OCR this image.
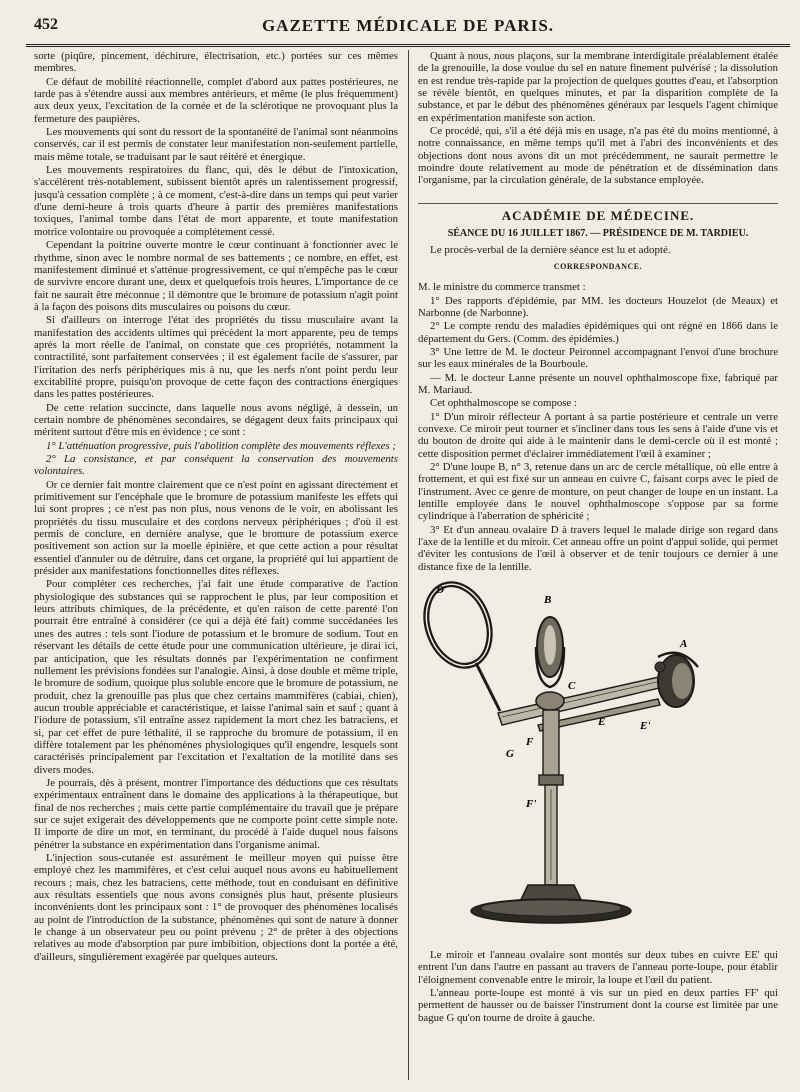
452	GAZETTE MÉDICALE DE PARIS.

sorte (piqûre, pincement, déchirure, électrisation, etc.) portées sur ces mêmes membres.

Ce défaut de mobilité réactionnelle, complet d'abord aux pattes postérieures, ne tarde pas à s'étendre aussi aux membres antérieurs, et même (le plus fréquemment) aux deux yeux, l'excitation de la cornée et de la sclérotique ne provoquant plus la fermeture des paupières.

Les mouvements qui sont du ressort de la spontanéité de l'animal sont néanmoins conservés, car il est permis de constater leur manifestation non-seulement partielle, mais même totale, se traduisant par le saut réitéré et énergique.

Les mouvements respiratoires du flanc, qui, dès le début de l'intoxication, s'accélèrent très-notablement, subissent bientôt après un ralentissement progressif, jusqu'à cessation complète ; à ce moment, c'est-à-dire dans un temps qui peut varier d'une demi-heure à trois quarts d'heure à partir des premières manifestations toxiques, l'animal tombe dans l'état de mort apparente, et toute manifestation motrice volontaire ou provoquée a complétement cessé.

Cependant la poitrine ouverte montre le cœur continuant à fonctionner avec le rhythme, sinon avec le nombre normal de ses battements ; ce nombre, en effet, est manifestement diminué et s'atténue progressivement, ce qui n'empêche pas le cœur de survivre encore durant une, deux et quelquefois trois heures. L'importance de ce fait ne saurait être méconnue ; il démontre que le bromure de potassium n'agit point à la façon des poisons dits musculaires ou poisons du cœur.

Si d'ailleurs on interroge l'état des propriétés du tissu musculaire avant la manifestation des accidents ultimes qui précèdent la mort apparente, peu de temps après la mort réelle de l'animal, on constate que ces propriétés, notamment la contractilité, sont parfaitement conservées ; il est également facile de s'assurer, par l'irritation des nerfs périphériques mis à nu, que les nerfs n'ont point perdu leur excitabilité propre, puisqu'on provoque de cette façon des contractions énergiques dans les pattes postérieures.

De cette relation succincte, dans laquelle nous avons négligé, à dessein, un certain nombre de phénomènes secondaires, se dégagent deux faits principaux qui méritent surtout d'être mis en évidence ; ce sont :

1° L'atténuation progressive, puis l'abolition complète des mouvements réflexes ;

2° La consistance, et par conséquent la conservation des mouvements volontaires.

Or ce dernier fait montre clairement que ce n'est point en agissant directement et primitivement sur l'encéphale que le bromure de potassium manifeste les effets qui lui sont propres ; ce n'est pas non plus, nous venons de le voir, en abolissant les propriétés du tissu musculaire et des cordons nerveux périphériques ; d'où il est permis de conclure, en dernière analyse, que le bromure de potassium exerce positivement son action sur la moelle épinière, et que cette action a pour résultat essentiel d'annuler ou de détruire, dans cet organe, la propriété qui lui appartient de présider aux manifestations fonctionnelles dites réflexes.

Pour compléter ces recherches, j'ai fait une étude comparative de l'action physiologique des substances qui se rapprochent le plus, par leur composition et leurs attributs chimiques, de la précédente, et qu'en raison de cette parenté l'on pourrait être entraîné à considérer (ce qui a déjà été fait) comme succédanées les unes des autres : tels sont l'iodure de potassium et le bromure de sodium. Tout en réservant les détails de cette étude pour une communication ultérieure, je dirai ici, par anticipation, que les résultats donnés par l'expérimentation ne confirment nullement les prévisions fondées sur l'analogie. Ainsi, à dose double et même triple, le bromure de sodium, quoique plus soluble encore que le bromure de potassium, ne produit, chez la grenouille pas plus que chez certains mammifères (cabiai, chien), aucun trouble appréciable et caractéristique, et laisse l'animal sain et sauf ; quant à l'iodure de potassium, s'il entraîne assez rapidement la mort chez les batraciens, et si, par cet effet de pure léthalité, il se rapproche du bromure de potassium, il en diffère totalement par les phénomènes physiologiques qu'il engendre, lesquels sont caractérisés principalement par l'excitation et l'exaltation de la motilité dans ses divers modes.

Je pourrais, dès à présent, montrer l'importance des déductions que ces résultats expérimentaux entraînent dans le domaine des applications à la thérapeutique, but final de nos recherches ; mais cette partie complémentaire du travail que je prépare sur ce sujet exigerait des développements que ne comporte point cette simple note. Il importe de dire un mot, en terminant, du procédé à l'aide duquel nous faisons pénétrer la substance en expérimentation dans l'organisme animal.

L'injection sous-cutanée est assurément le meilleur moyen qui puisse être employé chez les mammifères, et c'est celui auquel nous avons eu habituellement recours ; mais, chez les batraciens, cette méthode, tout en conduisant en définitive aux résultats essentiels que nous avons consignés plus haut, présente plusieurs inconvénients dont les principaux sont : 1° de provoquer des phénomènes localisés au point de l'introduction de la substance, phénomènes qui sont de nature à donner le change à un observateur peu ou point prévenu ; 2° de prêter à des objections relatives au mode d'absorption par pure imbibition, objections dont la portée a été, d'ailleurs, singulièrement exagérée par quelques auteurs.

Quant à nous, nous plaçons, sur la membrane interdigitale préalablement étalée de la grenouille, la dose voulue du sel en nature finement pulvérisé ; la dissolution en est rendue très-rapide par la projection de quelques gouttes d'eau, et l'absorption se révèle bientôt, en quelques minutes, et par la disparition complète de la substance, et par le début des phénomènes généraux par lesquels l'agent chimique en expérimentation manifeste son action.

Ce procédé, qui, s'il a été déjà mis en usage, n'a pas été du moins mentionné, à notre connaissance, en même temps qu'il met à l'abri des inconvénients et des objections dont nous avons dit un mot précédemment, ne saurait permettre le moindre doute relativement au mode de pénétration et de dissémination dans l'organisme, par la circulation générale, de la substance employée.

ACADÉMIE DE MÉDECINE.
SÉANCE DU 16 JUILLET 1867. — PRÉSIDENCE DE M. TARDIEU.

Le procès-verbal de la dernière séance est lu et adopté.

CORRESPONDANCE.

M. le ministre du commerce transmet :

1° Des rapports d'épidémie, par MM. les docteurs Houzelot (de Meaux) et Narbonne (de Narbonne).

2° Le compte rendu des maladies épidémiques qui ont régné en 1866 dans le département du Gers. (Comm. des épidémies.)

3° Une lettre de M. le docteur Peironnel accompagnant l'envoi d'une brochure sur les eaux minérales de la Bourboule.

— M. le docteur Lanne présente un nouvel ophthalmoscope fixe, fabriqué par M. Mariaud.

Cet ophthalmoscope se compose :

1° D'un miroir réflecteur A portant à sa partie postérieure et centrale un verre convexe. Ce miroir peut tourner et s'incliner dans tous les sens à l'aide d'une vis et du bouton de droite qui aide à le maintenir dans le demi-cercle où il est monté ; cette disposition permet d'éclairer immédiatement l'œil à examiner ;

2° D'une loupe B, n° 3, retenue dans un arc de cercle métallique, où elle entre à frottement, et qui est fixé sur un anneau en cuivre C, faisant corps avec le pied de l'instrument. Avec ce genre de monture, on peut changer de loupe en un instant. La lentille employée dans le nouvel ophthalmoscope s'oppose par sa forme cylindrique à l'aberration de sphéricité ;

3° Et d'un anneau ovalaire D à travers lequel le malade dirige son regard dans l'axe de la lentille et du miroir. Cet anneau offre un point d'appui solide, qui permet d'éviter les contusions de l'œil à observer et de tenir toujours ce dernier à une distance fixe de la lentille.

D
B
A
C
E	E'
G
F
F'

Le miroir et l'anneau ovalaire sont montés sur deux tubes en cuivre EE' qui entrent l'un dans l'autre en passant au travers de l'anneau porte-loupe, pour établir l'éloignement convenable entre le miroir, la loupe et l'œil du patient.

L'anneau porte-loupe est monté à vis sur un pied en deux parties FF' qui permettent de hausser ou de baisser l'instrument dont la course est limitée par une bague G qu'on tourne de droite à gauche.
